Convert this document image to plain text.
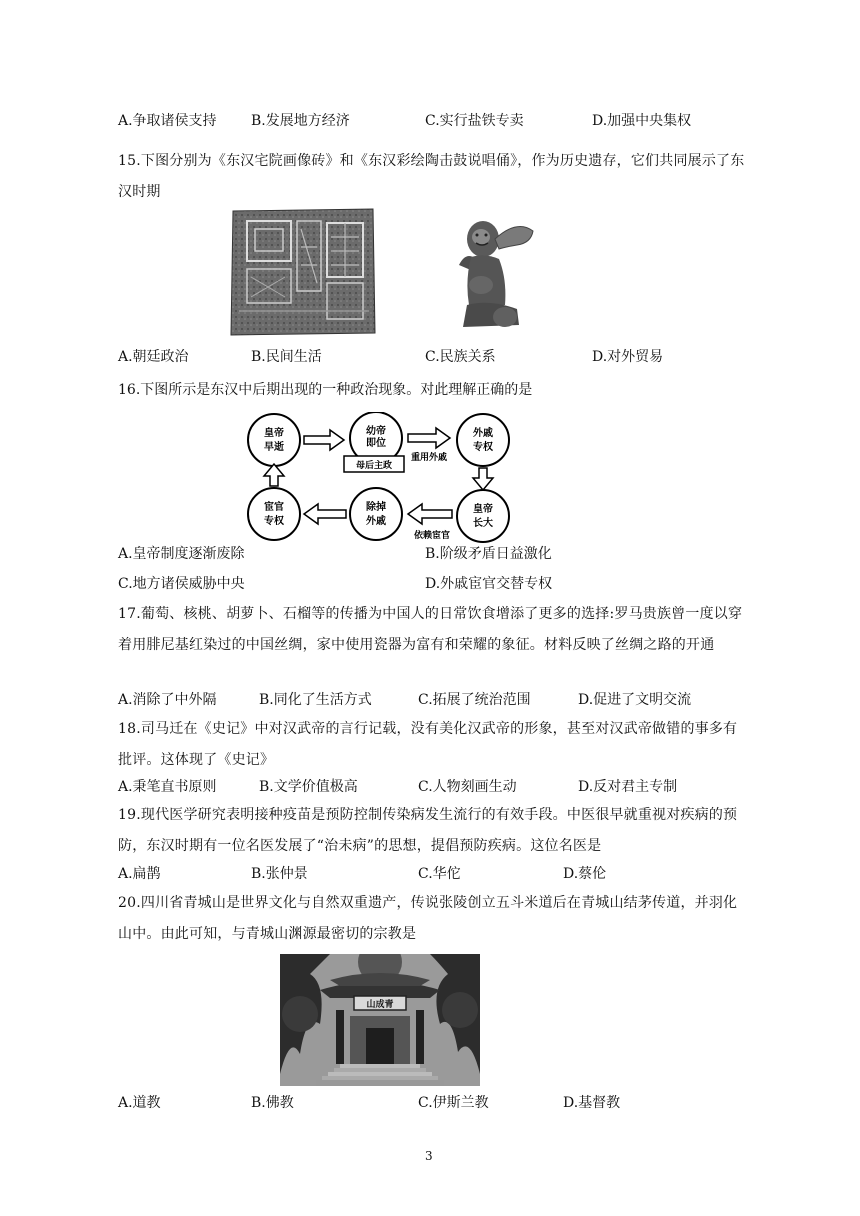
A.争取诸侯支持 B.发展地方经济	C.实行盐铁专卖	D.加强中央集权
15.下图分别为《东汉宅院画像砖》和《东汉彩绘陶击鼓说唱俑》，作为历史遗存，它们共同展示了东汉时期
A.朝廷政治	B.民间生活	C.民族关系	D.对外贸易
16.下图所示是东汉中后期出现的一种政治现象。对此理解正确的是
皇帝
早逝
幼帝
即位
外戚
专权
皇帝
长大
除掉
外戚
宦官
专权
母后主政
重用外戚
依赖宦官
A.皇帝制度逐渐废除	B.阶级矛盾日益激化
C.地方诸侯威胁中央	D.外戚宦官交替专权
17.葡萄、核桃、胡萝卜、石榴等的传播为中国人的日常饮食增添了更多的选择:罗马贵族曾一度以穿着用腓尼基红染过的中国丝绸，家中使用瓷器为富有和荣耀的象征。材料反映了丝绸之路的开通
A.消除了中外隔	B.同化了生活方式	C.拓展了统治范围	D.促进了文明交流
18.司马迁在《史记》中对汉武帝的言行记载，没有美化汉武帝的形象，甚至对汉武帝做错的事多有批评。这体现了《史记》
A.秉笔直书原则	B.文学价值极高	C.人物刻画生动	D.反对君主专制
19.现代医学研究表明接种疫苗是预防控制传染病发生流行的有效手段。中医很早就重视对疾病的预防，东汉时期有一位名医发展了“治未病”的思想，提倡预防疾病。这位名医是
A.扁鹊	B.张仲景	C.华佗	D.蔡伦
20.四川省青城山是世界文化与自然双重遗产，传说张陵创立五斗米道后在青城山结茅传道，并羽化山中。由此可知，与青城山渊源最密切的宗教是
山成青
A.道教	B.佛教	C.伊斯兰教	D.基督教
3
